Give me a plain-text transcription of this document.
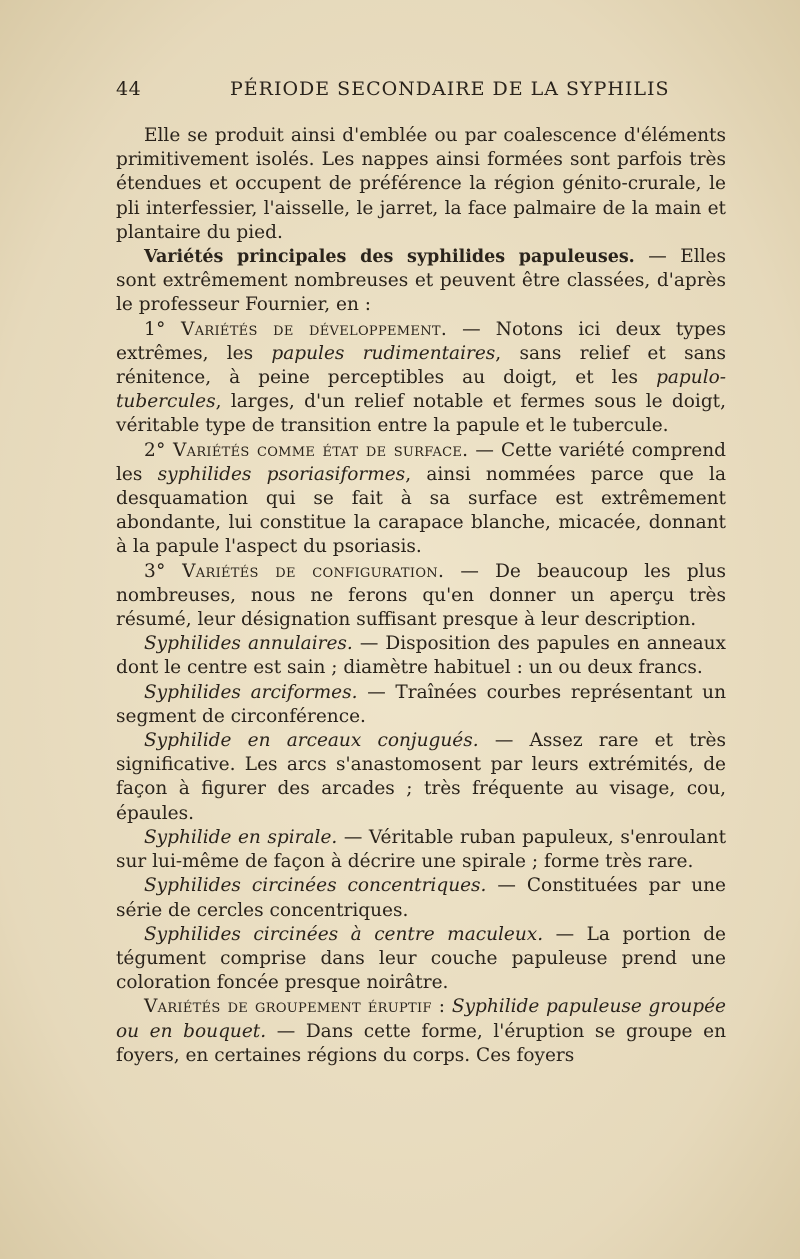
44	PÉRIODE SECONDAIRE DE LA SYPHILIS

Elle se produit ainsi d'emblée ou par coalescence d'éléments primitivement isolés. Les nappes ainsi formées sont parfois très étendues et occupent de préférence la région génito-crurale, le pli interfessier, l'aisselle, le jarret, la face palmaire de la main et plantaire du pied.

Variétés principales des syphilides papuleuses. — Elles sont extrêmement nombreuses et peuvent être classées, d'après le professeur Fournier, en :

1° Variétés de développement. — Notons ici deux types extrêmes, les papules rudimentaires, sans relief et sans rénitence, à peine perceptibles au doigt, et les papulo-tubercules, larges, d'un relief notable et fermes sous le doigt, véritable type de transition entre la papule et le tubercule.

2° Variétés comme état de surface. — Cette variété comprend les syphilides psoriasiformes, ainsi nommées parce que la desquamation qui se fait à sa surface est extrêmement abondante, lui constitue la carapace blanche, micacée, donnant à la papule l'aspect du psoriasis.

3° Variétés de configuration. — De beaucoup les plus nombreuses, nous ne ferons qu'en donner un aperçu très résumé, leur désignation suffisant presque à leur description.

Syphilides annulaires. — Disposition des papules en anneaux dont le centre est sain ; diamètre habituel : un ou deux francs.

Syphilides arciformes. — Traînées courbes représentant un segment de circonférence.

Syphilide en arceaux conjugués. — Assez rare et très significative. Les arcs s'anastomosent par leurs extrémités, de façon à figurer des arcades ; très fréquente au visage, cou, épaules.

Syphilide en spirale. — Véritable ruban papuleux, s'enroulant sur lui-même de façon à décrire une spirale ; forme très rare.

Syphilides circinées concentriques. — Constituées par une série de cercles concentriques.

Syphilides circinées à centre maculeux. — La portion de tégument comprise dans leur couche papuleuse prend une coloration foncée presque noirâtre.

Variétés de groupement éruptif : Syphilide papuleuse groupée ou en bouquet. — Dans cette forme, l'éruption se groupe en foyers, en certaines régions du corps. Ces foyers
